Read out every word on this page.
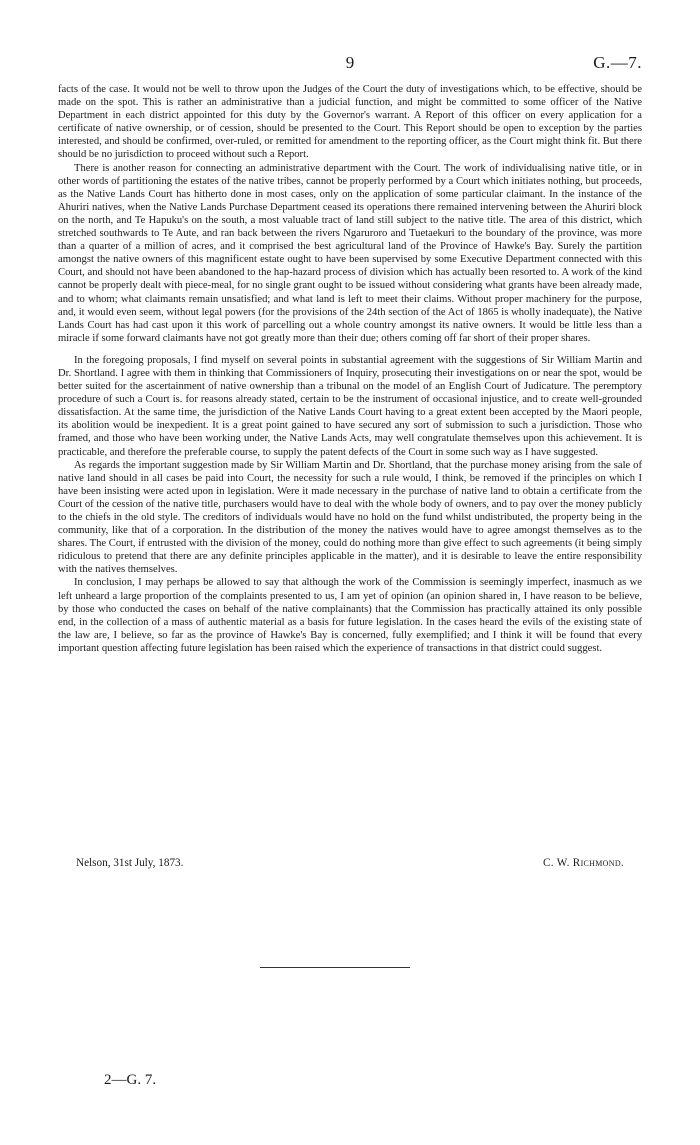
9	G.—7.

facts of the case. It would not be well to throw upon the Judges of the Court the duty of investigations which, to be effective, should be made on the spot. This is rather an administrative than a judicial function, and might be committed to some officer of the Native Department in each district appointed for this duty by the Governor's warrant. A Report of this officer on every application for a certificate of native ownership, or of cession, should be presented to the Court. This Report should be open to exception by the parties interested, and should be confirmed, over-ruled, or remitted for amendment to the reporting officer, as the Court might think fit. But there should be no jurisdiction to proceed without such a Report.

There is another reason for connecting an administrative department with the Court. The work of individualising native title, or in other words of partitioning the estates of the native tribes, cannot be properly performed by a Court which initiates nothing, but proceeds, as the Native Lands Court has hitherto done in most cases, only on the application of some particular claimant. In the instance of the Ahuriri natives, when the Native Lands Purchase Department ceased its operations there remained intervening between the Ahuriri block on the north, and Te Hapuku's on the south, a most valuable tract of land still subject to the native title. The area of this district, which stretched southwards to Te Aute, and ran back between the rivers Ngaruroro and Tuetaekuri to the boundary of the province, was more than a quarter of a million of acres, and it comprised the best agricultural land of the Province of Hawke's Bay. Surely the partition amongst the native owners of this magnificent estate ought to have been supervised by some Executive Department connected with this Court, and should not have been abandoned to the hap-hazard process of division which has actually been resorted to. A work of the kind cannot be properly dealt with piece-meal, for no single grant ought to be issued without considering what grants have been already made, and to whom; what claimants remain unsatisfied; and what land is left to meet their claims. Without proper machinery for the purpose, and, it would even seem, without legal powers (for the provisions of the 24th section of the Act of 1865 is wholly inadequate), the Native Lands Court has had cast upon it this work of parcelling out a whole country amongst its native owners. It would be little less than a miracle if some forward claimants have not got greatly more than their due; others coming off far short of their proper shares.

In the foregoing proposals, I find myself on several points in substantial agreement with the suggestions of Sir William Martin and Dr. Shortland. I agree with them in thinking that Commissioners of Inquiry, prosecuting their investigations on or near the spot, would be better suited for the ascertainment of native ownership than a tribunal on the model of an English Court of Judicature. The peremptory procedure of such a Court is. for reasons already stated, certain to be the instrument of occasional injustice, and to create well-grounded dissatisfaction. At the same time, the jurisdiction of the Native Lands Court having to a great extent been accepted by the Maori people, its abolition would be inexpedient. It is a great point gained to have secured any sort of submission to such a jurisdiction. Those who framed, and those who have been working under, the Native Lands Acts, may well congratulate themselves upon this achievement. It is practicable, and therefore the preferable course, to supply the patent defects of the Court in some such way as I have suggested.

As regards the important suggestion made by Sir William Martin and Dr. Shortland, that the purchase money arising from the sale of native land should in all cases be paid into Court, the necessity for such a rule would, I think, be removed if the principles on which I have been insisting were acted upon in legislation. Were it made necessary in the purchase of native land to obtain a certificate from the Court of the cession of the native title, purchasers would have to deal with the whole body of owners, and to pay over the money publicly to the chiefs in the old style. The creditors of individuals would have no hold on the fund whilst undistributed, the property being in the community, like that of a corporation. In the distribution of the money the natives would have to agree amongst themselves as to the shares. The Court, if entrusted with the division of the money, could do nothing more than give effect to such agreements (it being simply ridiculous to pretend that there are any definite principles applicable in the matter), and it is desirable to leave the entire responsibility with the natives themselves.

In conclusion, I may perhaps be allowed to say that although the work of the Commission is seemingly imperfect, inasmuch as we left unheard a large proportion of the complaints presented to us, I am yet of opinion (an opinion shared in, I have reason to be believe, by those who conducted the cases on behalf of the native complainants) that the Commission has practically attained its only possible end, in the collection of a mass of authentic material as a basis for future legislation. In the cases heard the evils of the existing state of the law are, I believe, so far as the province of Hawke's Bay is concerned, fully exemplified; and I think it will be found that every important question affecting future legislation has been raised which the experience of transactions in that district could suggest.

Nelson, 31st July, 1873.	C. W. Richmond.
2—G. 7.
